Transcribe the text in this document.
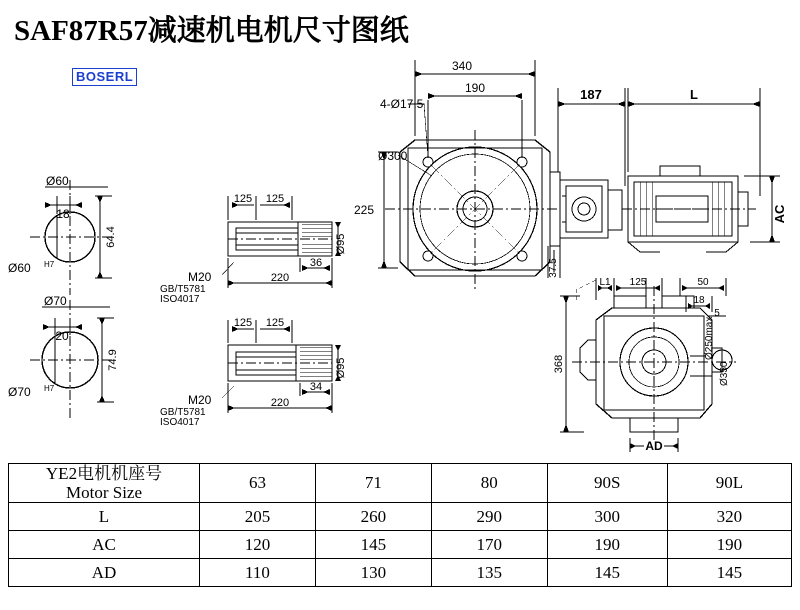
SAF87R57减速机电机尺寸图纸
BOSERL
340
190	187	L
4-Ø17.5
Ø300
225
37.5
AC
Ø60
18
64.4
Ø60 H7
Ø70
20
74.9
Ø70 H7
125 125
36
220
Ø95
M20
GB/T5781
ISO4017
125 125
34
220
Ø95
M20
GB/T5781
ISO4017
L1 125	50
18
5
368
Ø250max
Ø350
AD
YE2电机机座号
Motor Size	63	71	80	90S	90L
L	205	260	290	300	320
AC	120	145	170	190	190
AD	110	130	135	145	145
